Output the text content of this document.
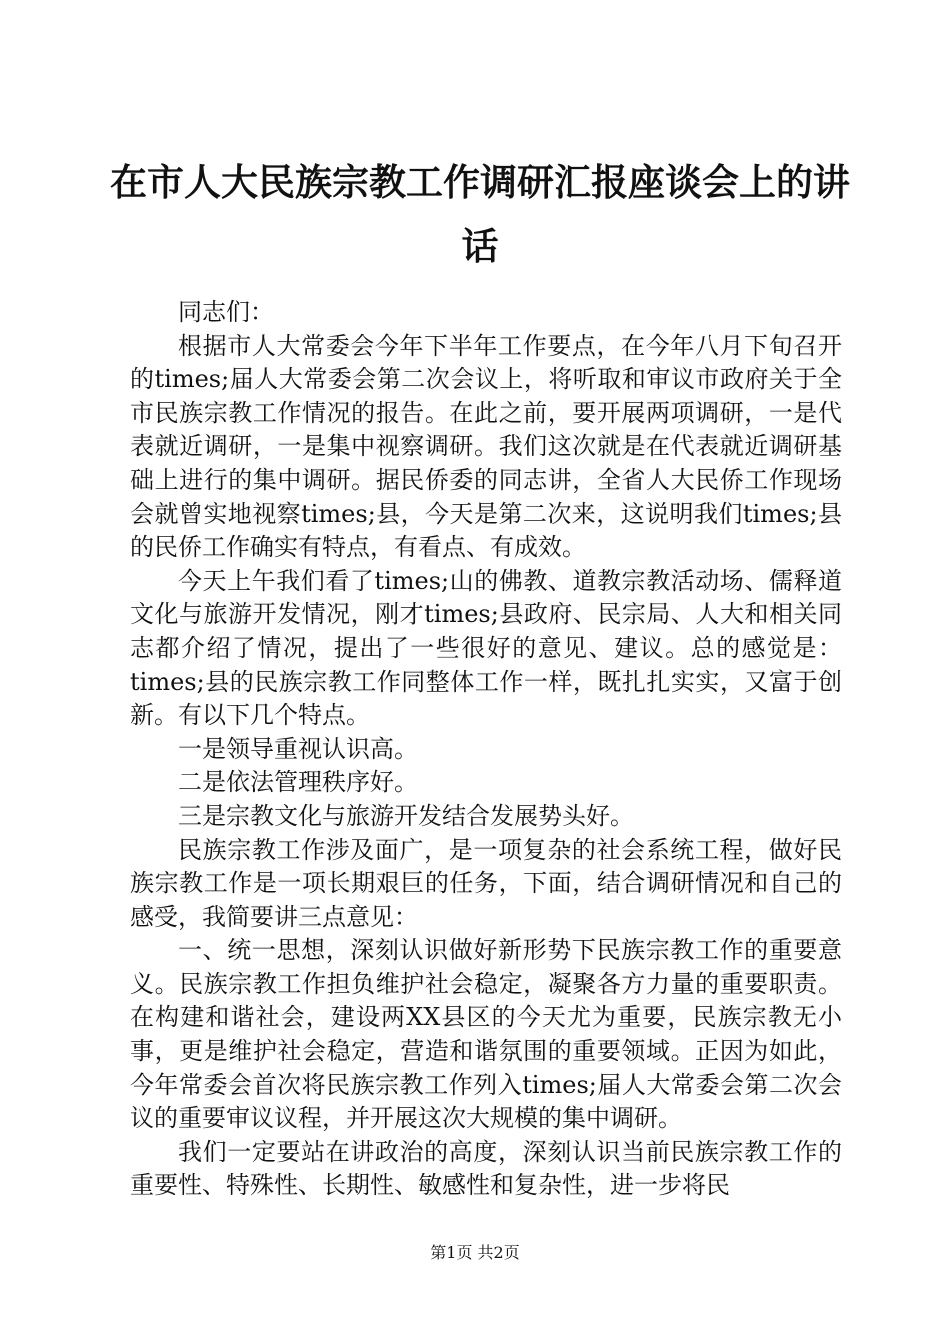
在市人大民族宗教工作调研汇报座谈会上的讲话

同志们：

根据市人大常委会今年下半年工作要点，在今年八月下旬召开的times;届人大常委会第二次会议上，将听取和审议市政府关于全市民族宗教工作情况的报告。在此之前，要开展两项调研，一是代表就近调研，一是集中视察调研。我们这次就是在代表就近调研基础上进行的集中调研。据民侨委的同志讲，全省人大民侨工作现场会就曾实地视察times;县，今天是第二次来，这说明我们times;县的民侨工作确实有特点，有看点、有成效。

今天上午我们看了times;山的佛教、道教宗教活动场、儒释道文化与旅游开发情况，刚才times;县政府、民宗局、人大和相关同志都介绍了情况，提出了一些很好的意见、建议。总的感觉是：times;县的民族宗教工作同整体工作一样，既扎扎实实，又富于创新。有以下几个特点。

一是领导重视认识高。

二是依法管理秩序好。

三是宗教文化与旅游开发结合发展势头好。

民族宗教工作涉及面广，是一项复杂的社会系统工程，做好民族宗教工作是一项长期艰巨的任务，下面，结合调研情况和自己的感受，我简要讲三点意见：

一、统一思想，深刻认识做好新形势下民族宗教工作的重要意义。民族宗教工作担负维护社会稳定，凝聚各方力量的重要职责。在构建和谐社会，建设两XX县区的今天尤为重要，民族宗教无小事，更是维护社会稳定，营造和谐氛围的重要领域。正因为如此，今年常委会首次将民族宗教工作列入times;届人大常委会第二次会议的重要审议议程，并开展这次大规模的集中调研。

我们一定要站在讲政治的高度，深刻认识当前民族宗教工作的重要性、特殊性、长期性、敏感性和复杂性，进一步将民

第1页 共2页
